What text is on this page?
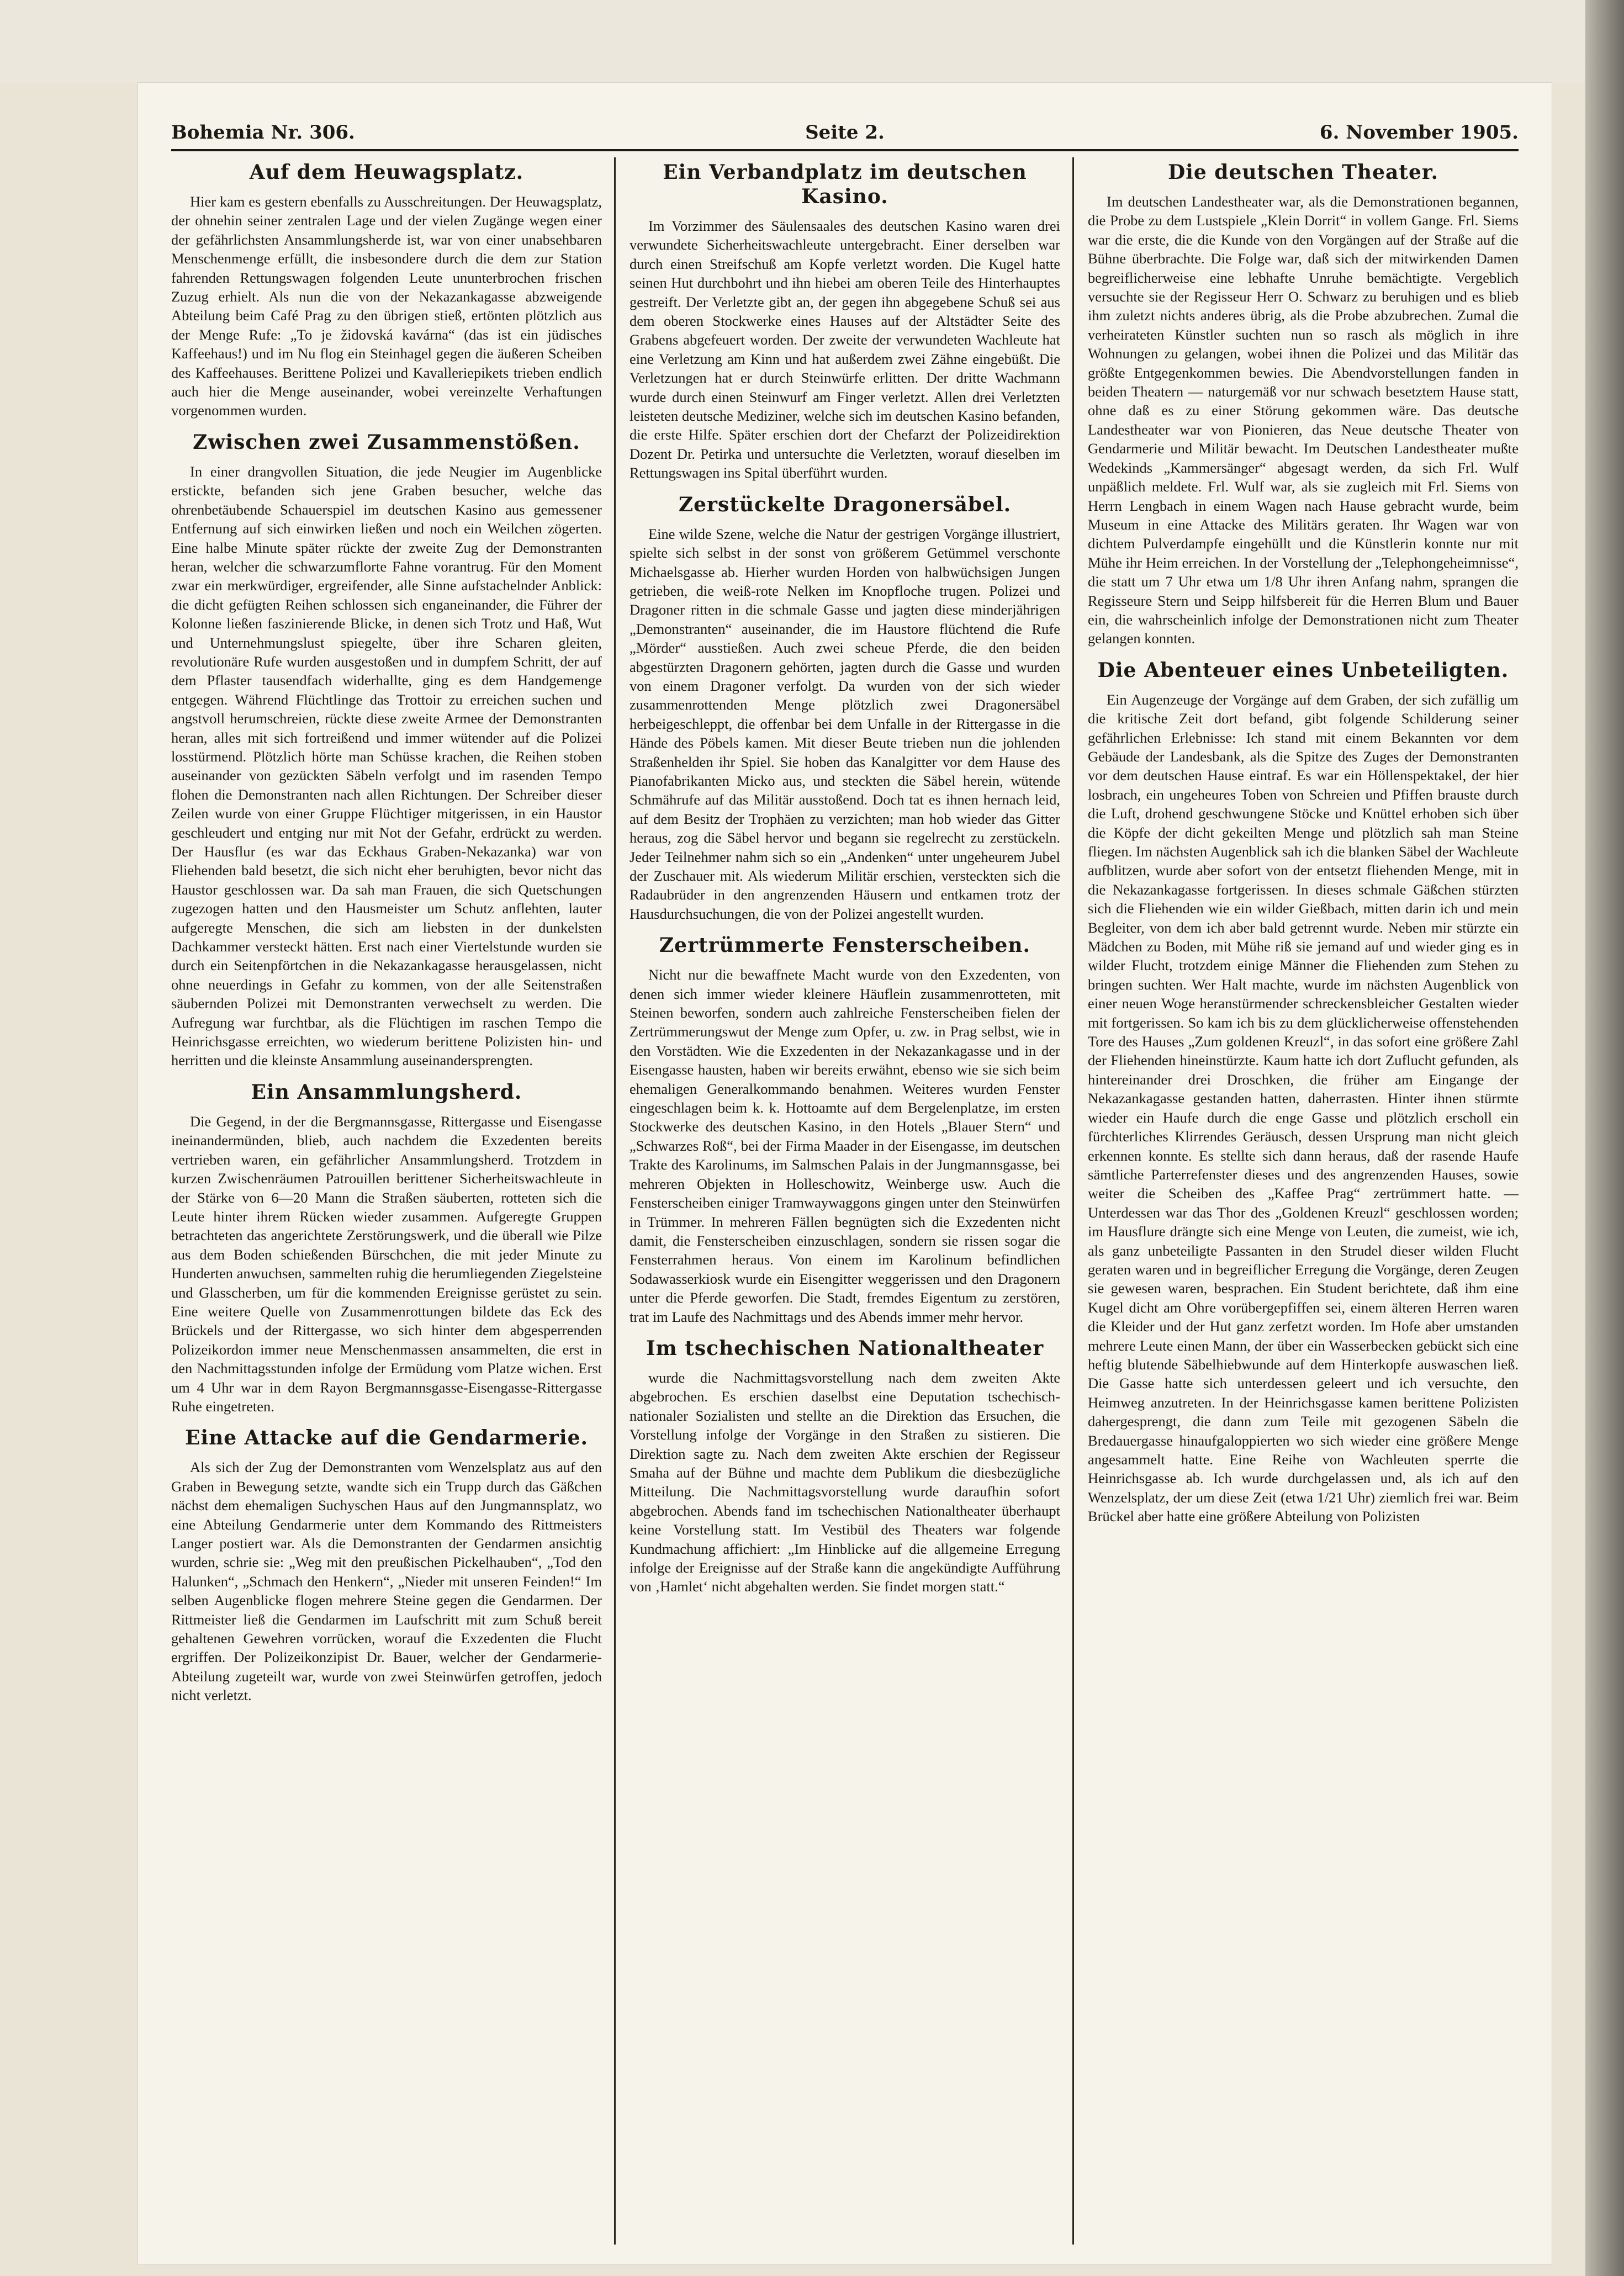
Bohemia Nr. 306.	Seite 2.	6. November 1905.
Auf dem Heuwagsplatz.

Hier kam es gestern ebenfalls zu Ausschreitungen. Der Heuwagsplatz, der ohnehin seiner zentralen Lage und der vielen Zugänge wegen einer der gefährlichsten Ansammlungsherde ist, war von einer unabsehbaren Menschenmenge erfüllt, die insbesondere durch die dem zur Station fahrenden Rettungswagen folgenden Leute ununterbrochen frischen Zuzug erhielt. Als nun die von der Nekazankagasse abzweigende Abteilung beim Café Prag zu den übrigen stieß, ertönten plötzlich aus der Menge Rufe: „To je židovská kavárna“ (das ist ein jüdisches Kaffeehaus!) und im Nu flog ein Steinhagel gegen die äußeren Scheiben des Kaffeehauses. Berittene Polizei und Kavalleriepikets trieben endlich auch hier die Menge auseinander, wobei vereinzelte Verhaftungen vorgenommen wurden.

Zwischen zwei Zusammenstößen.

In einer drangvollen Situation, die jede Neugier im Augenblicke erstickte, befanden sich jene Graben besucher, welche das ohrenbetäubende Schauerspiel im deutschen Kasino aus gemessener Entfernung auf sich einwirken ließen und noch ein Weilchen zögerten. Eine halbe Minute später rückte der zweite Zug der Demonstranten heran, welcher die schwarzumflorte Fahne vorantrug. Für den Moment zwar ein merkwürdiger, ergreifender, alle Sinne aufstachelnder Anblick: die dicht gefügten Reihen schlossen sich enganeinander, die Führer der Kolonne ließen faszinierende Blicke, in denen sich Trotz und Haß, Wut und Unternehmungslust spiegelte, über ihre Scharen gleiten, revolutionäre Rufe wurden ausgestoßen und in dumpfem Schritt, der auf dem Pflaster tausendfach widerhallte, ging es dem Handgemenge entgegen. Während Flüchtlinge das Trottoir zu erreichen suchen und angstvoll herumschreien, rückte diese zweite Armee der Demonstranten heran, alles mit sich fortreißend und immer wütender auf die Polizei losstürmend. Plötzlich hörte man Schüsse krachen, die Reihen stoben auseinander von gezückten Säbeln verfolgt und im rasenden Tempo flohen die Demonstranten nach allen Richtungen. Der Schreiber dieser Zeilen wurde von einer Gruppe Flüchtiger mitgerissen, in ein Haustor geschleudert und entging nur mit Not der Gefahr, erdrückt zu werden. Der Hausflur (es war das Eckhaus Graben-Nekazanka) war von Fliehenden bald besetzt, die sich nicht eher beruhigten, bevor nicht das Haustor geschlossen war. Da sah man Frauen, die sich Quetschungen zugezogen hatten und den Hausmeister um Schutz anflehten, lauter aufgeregte Menschen, die sich am liebsten in der dunkelsten Dachkammer versteckt hätten. Erst nach einer Viertelstunde wurden sie durch ein Seitenpförtchen in die Nekazankagasse herausgelassen, nicht ohne neuerdings in Gefahr zu kommen, von der alle Seitenstraßen säubernden Polizei mit Demonstranten verwechselt zu werden. Die Aufregung war furchtbar, als die Flüchtigen im raschen Tempo die Heinrichsgasse erreichten, wo wiederum berittene Polizisten hin- und herritten und die kleinste Ansammlung auseinandersprengten.

Ein Ansammlungsherd.

Die Gegend, in der die Bergmannsgasse, Rittergasse und Eisengasse ineinandermünden, blieb, auch nachdem die Exzedenten bereits vertrieben waren, ein gefährlicher Ansammlungsherd. Trotzdem in kurzen Zwischenräumen Patrouillen berittener Sicherheitswachleute in der Stärke von 6—20 Mann die Straßen säuberten, rotteten sich die Leute hinter ihrem Rücken wieder zusammen. Aufgeregte Gruppen betrachteten das angerichtete Zerstörungswerk, und die überall wie Pilze aus dem Boden schießenden Bürschchen, die mit jeder Minute zu Hunderten anwuchsen, sammelten ruhig die herumliegenden Ziegelsteine und Glasscherben, um für die kommenden Ereignisse gerüstet zu sein. Eine weitere Quelle von Zusammenrottungen bildete das Eck des Brückels und der Rittergasse, wo sich hinter dem abgesperrenden Polizeikordon immer neue Menschenmassen ansammelten, die erst in den Nachmittagsstunden infolge der Ermüdung vom Platze wichen. Erst um 4 Uhr war in dem Rayon Bergmannsgasse-Eisengasse-Rittergasse Ruhe eingetreten.

Eine Attacke auf die Gendarmerie.

Als sich der Zug der Demonstranten vom Wenzelsplatz aus auf den Graben in Bewegung setzte, wandte sich ein Trupp durch das Gäßchen nächst dem ehemaligen Suchyschen Haus auf den Jungmannsplatz, wo eine Abteilung Gendarmerie unter dem Kommando des Rittmeisters Langer postiert war. Als die Demonstranten der Gendarmen ansichtig wurden, schrie sie: „Weg mit den preußischen Pickelhauben“, „Tod den Halunken“, „Schmach den Henkern“, „Nieder mit unseren Feinden!“ Im selben Augenblicke flogen mehrere Steine gegen die Gendarmen. Der Rittmeister ließ die Gendarmen im Laufschritt mit zum Schuß bereit gehaltenen Gewehren vorrücken, worauf die Exzedenten die Flucht ergriffen. Der Polizeikonzipist Dr. Bauer, welcher der Gendarmerie-Abteilung zugeteilt war, wurde von zwei Steinwürfen getroffen, jedoch nicht verletzt.

Ein Verbandplatz im deutschen Kasino.

Im Vorzimmer des Säulensaales des deutschen Kasino waren drei verwundete Sicherheitswachleute untergebracht. Einer derselben war durch einen Streifschuß am Kopfe verletzt worden. Die Kugel hatte seinen Hut durchbohrt und ihn hiebei am oberen Teile des Hinterhauptes gestreift. Der Verletzte gibt an, der gegen ihn abgegebene Schuß sei aus dem oberen Stockwerke eines Hauses auf der Altstädter Seite des Grabens abgefeuert worden. Der zweite der verwundeten Wachleute hat eine Verletzung am Kinn und hat außerdem zwei Zähne eingebüßt. Die Verletzungen hat er durch Steinwürfe erlitten. Der dritte Wachmann wurde durch einen Steinwurf am Finger verletzt. Allen drei Verletzten leisteten deutsche Mediziner, welche sich im deutschen Kasino befanden, die erste Hilfe. Später erschien dort der Chefarzt der Polizeidirektion Dozent Dr. Petirka und untersuchte die Verletzten, worauf dieselben im Rettungswagen ins Spital überführt wurden.

Zerstückelte Dragonersäbel.

Eine wilde Szene, welche die Natur der gestrigen Vorgänge illustriert, spielte sich selbst in der sonst von größerem Getümmel verschonte Michaelsgasse ab. Hierher wurden Horden von halbwüchsigen Jungen getrieben, die weiß-rote Nelken im Knopfloche trugen. Polizei und Dragoner ritten in die schmale Gasse und jagten diese minderjährigen „Demonstranten“ auseinander, die im Haustore flüchtend die Rufe „Mörder“ ausstießen. Auch zwei scheue Pferde, die den beiden abgestürzten Dragonern gehörten, jagten durch die Gasse und wurden von einem Dragoner verfolgt. Da wurden von der sich wieder zusammenrottenden Menge plötzlich zwei Dragonersäbel herbeigeschleppt, die offenbar bei dem Unfalle in der Rittergasse in die Hände des Pöbels kamen. Mit dieser Beute trieben nun die johlenden Straßenhelden ihr Spiel. Sie hoben das Kanalgitter vor dem Hause des Pianofabrikanten Micko aus, und steckten die Säbel herein, wütende Schmährufe auf das Militär ausstoßend. Doch tat es ihnen hernach leid, auf dem Besitz der Trophäen zu verzichten; man hob wieder das Gitter heraus, zog die Säbel hervor und begann sie regelrecht zu zerstückeln. Jeder Teilnehmer nahm sich so ein „Andenken“ unter ungeheurem Jubel der Zuschauer mit. Als wiederum Militär erschien, versteckten sich die Radaubrüder in den angrenzenden Häusern und entkamen trotz der Hausdurchsuchungen, die von der Polizei angestellt wurden.

Zertrümmerte Fensterscheiben.

Nicht nur die bewaffnete Macht wurde von den Exzedenten, von denen sich immer wieder kleinere Häuflein zusammenrotteten, mit Steinen beworfen, sondern auch zahlreiche Fensterscheiben fielen der Zertrümmerungswut der Menge zum Opfer, u. zw. in Prag selbst, wie in den Vorstädten. Wie die Exzedenten in der Nekazankagasse und in der Eisengasse hausten, haben wir bereits erwähnt, ebenso wie sie sich beim ehemaligen Generalkommando benahmen. Weiteres wurden Fenster eingeschlagen beim k. k. Hottoamte auf dem Bergelenplatze, im ersten Stockwerke des deutschen Kasino, in den Hotels „Blauer Stern“ und „Schwarzes Roß“, bei der Firma Maader in der Eisengasse, im deutschen Trakte des Karolinums, im Salmschen Palais in der Jungmannsgasse, bei mehreren Objekten in Holleschowitz, Weinberge usw. Auch die Fensterscheiben einiger Tramwaywaggons gingen unter den Steinwürfen in Trümmer. In mehreren Fällen begnügten sich die Exzedenten nicht damit, die Fensterscheiben einzuschlagen, sondern sie rissen sogar die Fensterrahmen heraus. Von einem im Karolinum befindlichen Sodawasserkiosk wurde ein Eisengitter weggerissen und den Dragonern unter die Pferde geworfen. Die Stadt, fremdes Eigentum zu zerstören, trat im Laufe des Nachmittags und des Abends immer mehr hervor.

Im tschechischen Nationaltheater

wurde die Nachmittagsvorstellung nach dem zweiten Akte abgebrochen. Es erschien daselbst eine Deputation tschechisch-nationaler Sozialisten und stellte an die Direktion das Ersuchen, die Vorstellung infolge der Vorgänge in den Straßen zu sistieren. Die Direktion sagte zu. Nach dem zweiten Akte erschien der Regisseur Smaha auf der Bühne und machte dem Publikum die diesbezügliche Mitteilung. Die Nachmittagsvorstellung wurde daraufhin sofort abgebrochen. Abends fand im tschechischen Nationaltheater überhaupt keine Vorstellung statt. Im Vestibül des Theaters war folgende Kundmachung affichiert: „Im Hinblicke auf die allgemeine Erregung infolge der Ereignisse auf der Straße kann die angekündigte Aufführung von ‚Hamlet‘ nicht abgehalten werden. Sie findet morgen statt.“

Die deutschen Theater.

Im deutschen Landestheater war, als die Demonstrationen begannen, die Probe zu dem Lustspiele „Klein Dorrit“ in vollem Gange. Frl. Siems war die erste, die die Kunde von den Vorgängen auf der Straße auf die Bühne überbrachte. Die Folge war, daß sich der mitwirkenden Damen begreiflicherweise eine lebhafte Unruhe bemächtigte. Vergeblich versuchte sie der Regisseur Herr O. Schwarz zu beruhigen und es blieb ihm zuletzt nichts anderes übrig, als die Probe abzubrechen. Zumal die verheirateten Künstler suchten nun so rasch als möglich in ihre Wohnungen zu gelangen, wobei ihnen die Polizei und das Militär das größte Entgegenkommen bewies. Die Abendvorstellungen fanden in beiden Theatern — naturgemäß vor nur schwach besetztem Hause statt, ohne daß es zu einer Störung gekommen wäre. Das deutsche Landestheater war von Pionieren, das Neue deutsche Theater von Gendarmerie und Militär bewacht. Im Deutschen Landestheater mußte Wedekinds „Kammersänger“ abgesagt werden, da sich Frl. Wulf unpäßlich meldete. Frl. Wulf war, als sie zugleich mit Frl. Siems von Herrn Lengbach in einem Wagen nach Hause gebracht wurde, beim Museum in eine Attacke des Militärs geraten. Ihr Wagen war von dichtem Pulverdampfe eingehüllt und die Künstlerin konnte nur mit Mühe ihr Heim erreichen. In der Vorstellung der „Telephongeheimnisse“, die statt um 7 Uhr etwa um 1/8 Uhr ihren Anfang nahm, sprangen die Regisseure Stern und Seipp hilfsbereit für die Herren Blum und Bauer ein, die wahrscheinlich infolge der Demonstrationen nicht zum Theater gelangen konnten.

Die Abenteuer eines Unbeteiligten.

Ein Augenzeuge der Vorgänge auf dem Graben, der sich zufällig um die kritische Zeit dort befand, gibt folgende Schilderung seiner gefährlichen Erlebnisse: Ich stand mit einem Bekannten vor dem Gebäude der Landesbank, als die Spitze des Zuges der Demonstranten vor dem deutschen Hause eintraf. Es war ein Höllenspektakel, der hier losbrach, ein ungeheures Toben von Schreien und Pfiffen brauste durch die Luft, drohend geschwungene Stöcke und Knüttel erhoben sich über die Köpfe der dicht gekeilten Menge und plötzlich sah man Steine fliegen. Im nächsten Augenblick sah ich die blanken Säbel der Wachleute aufblitzen, wurde aber sofort von der entsetzt fliehenden Menge, mit in die Nekazankagasse fortgerissen. In dieses schmale Gäßchen stürzten sich die Fliehenden wie ein wilder Gießbach, mitten darin ich und mein Begleiter, von dem ich aber bald getrennt wurde. Neben mir stürzte ein Mädchen zu Boden, mit Mühe riß sie jemand auf und wieder ging es in wilder Flucht, trotzdem einige Männer die Fliehenden zum Stehen zu bringen suchten. Wer Halt machte, wurde im nächsten Augenblick von einer neuen Woge heranstürmender schreckensbleicher Gestalten wieder mit fortgerissen. So kam ich bis zu dem glücklicherweise offenstehenden Tore des Hauses „Zum goldenen Kreuzl“, in das sofort eine größere Zahl der Fliehenden hineinstürzte. Kaum hatte ich dort Zuflucht gefunden, als hintereinander drei Droschken, die früher am Eingange der Nekazankagasse gestanden hatten, daherrasten. Hinter ihnen stürmte wieder ein Haufe durch die enge Gasse und plötzlich erscholl ein fürchterliches Klirrendes Geräusch, dessen Ursprung man nicht gleich erkennen konnte. Es stellte sich dann heraus, daß der rasende Haufe sämtliche Parterrefenster dieses und des angrenzenden Hauses, sowie weiter die Scheiben des „Kaffee Prag“ zertrümmert hatte. — Unterdessen war das Thor des „Goldenen Kreuzl“ geschlossen worden; im Hausflure drängte sich eine Menge von Leuten, die zumeist, wie ich, als ganz unbeteiligte Passanten in den Strudel dieser wilden Flucht geraten waren und in begreiflicher Erregung die Vorgänge, deren Zeugen sie gewesen waren, besprachen. Ein Student berichtete, daß ihm eine Kugel dicht am Ohre vorübergepfiffen sei, einem älteren Herren waren die Kleider und der Hut ganz zerfetzt worden. Im Hofe aber umstanden mehrere Leute einen Mann, der über ein Wasserbecken gebückt sich eine heftig blutende Säbelhiebwunde auf dem Hinterkopfe auswaschen ließ. Die Gasse hatte sich unterdessen geleert und ich versuchte, den Heimweg anzutreten. In der Heinrichsgasse kamen berittene Polizisten dahergesprengt, die dann zum Teile mit gezogenen Säbeln die Bredauergasse hinaufgaloppierten wo sich wieder eine größere Menge angesammelt hatte. Eine Reihe von Wachleuten sperrte die Heinrichsgasse ab. Ich wurde durchgelassen und, als ich auf den Wenzelsplatz, der um diese Zeit (etwa 1/21 Uhr) ziemlich frei war. Beim Brückel aber hatte eine größere Abteilung von Polizisten
